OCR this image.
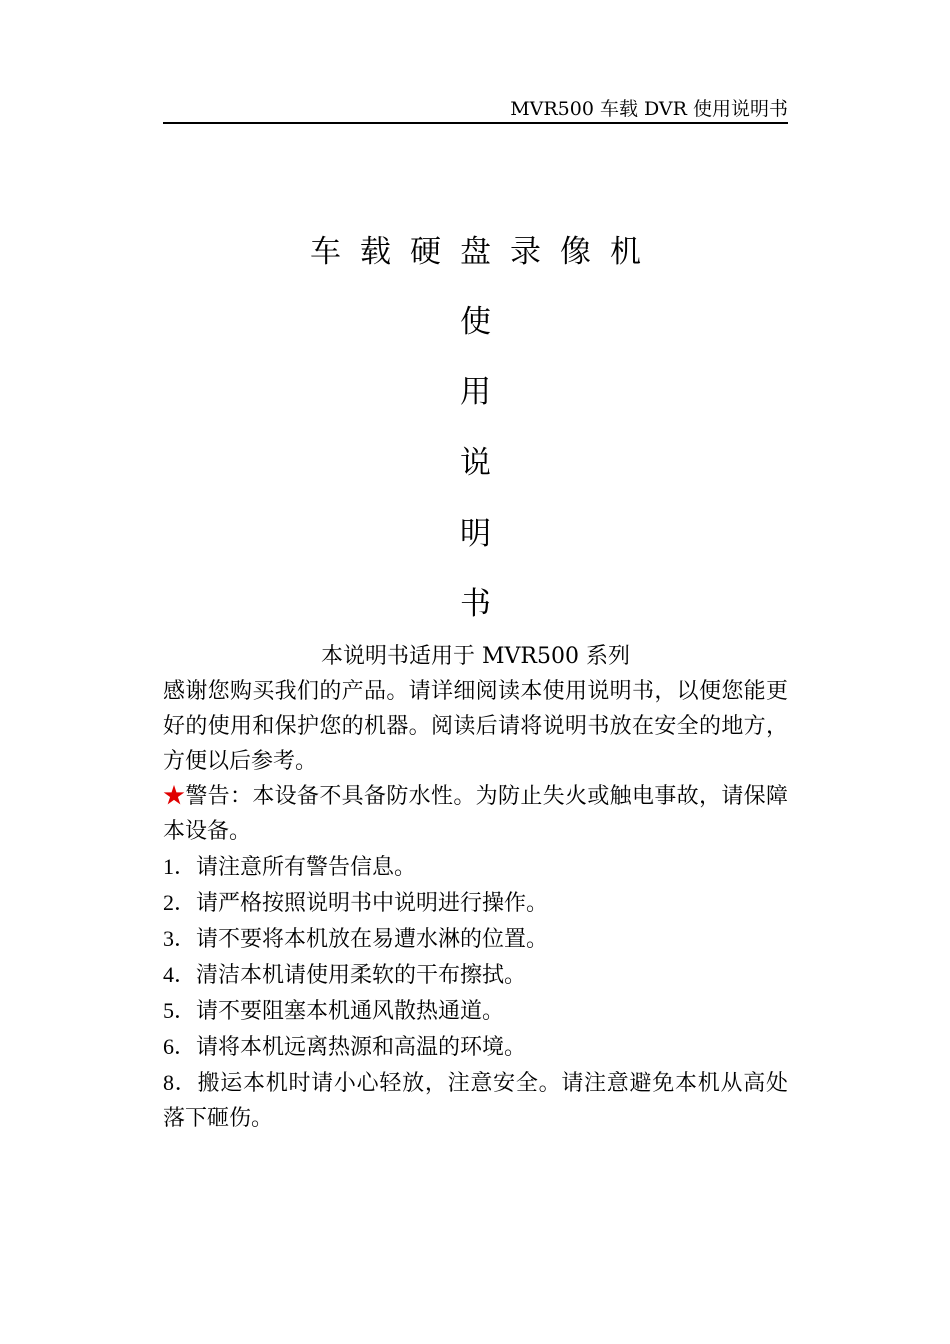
MVR500 车载 DVR 使用说明书
车载硬盘录像机
使
用
说
明
书
本说明书适用于 MVR500 系列

感谢您购买我们的产品。请详细阅读本使用说明书，以便您能更好的使用和保护您的机器。阅读后请将说明书放在安全的地方，方便以后参考。

★警告：本设备不具备防水性。为防止失火或触电事故，请保障本设备。

1．请注意所有警告信息。
2．请严格按照说明书中说明进行操作。
3．请不要将本机放在易遭水淋的位置。
4．清洁本机请使用柔软的干布擦拭。
5．请不要阻塞本机通风散热通道。
6．请将本机远离热源和高温的环境。
8．搬运本机时请小心轻放，注意安全。请注意避免本机从高处落下砸伤。
